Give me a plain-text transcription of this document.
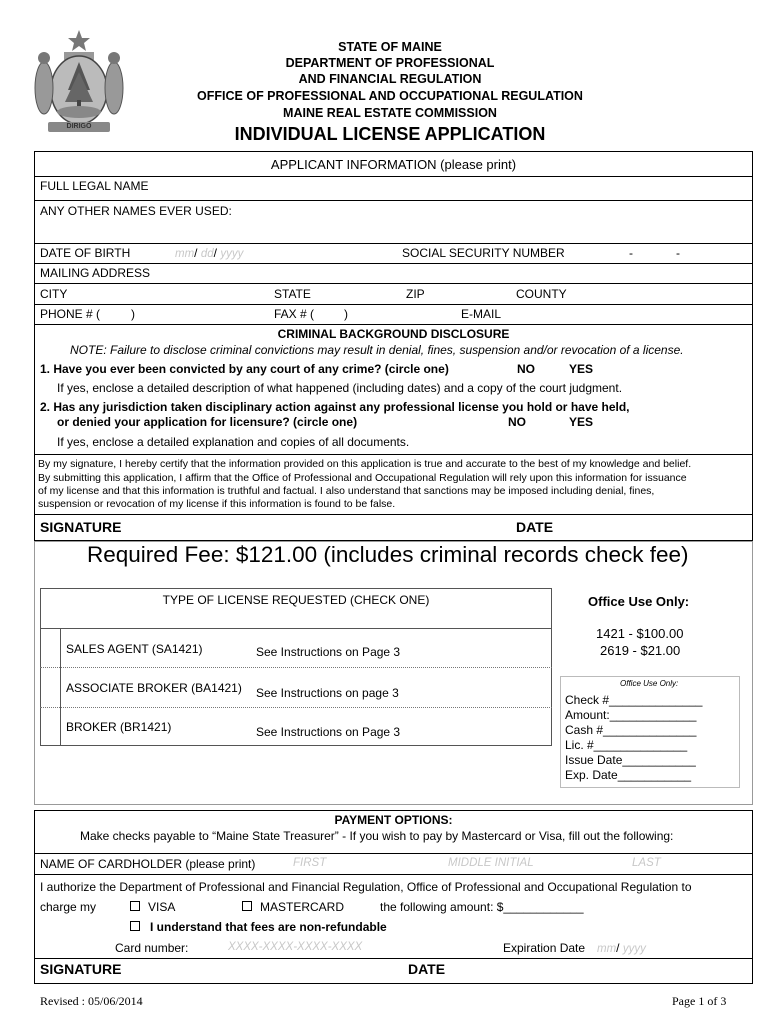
DIRIGO
STATE OF MAINE
DEPARTMENT OF PROFESSIONAL
AND FINANCIAL REGULATION
OFFICE OF PROFESSIONAL AND OCCUPATIONAL REGULATION
MAINE REAL ESTATE COMMISSION
INDIVIDUAL LICENSE APPLICATION
APPLICANT INFORMATION (please print)
FULL LEGAL NAME
ANY OTHER NAMES EVER USED:
DATE OF BIRTH	mm/ dd/ yyyy	SOCIAL SECURITY NUMBER	-	-
MAILING ADDRESS
CITY	STATE	ZIP	COUNTY
PHONE # (	)	FAX # ( )	E-MAIL
CRIMINAL BACKGROUND DISCLOSURE
NOTE: Failure to disclose criminal convictions may result in denial, fines, suspension and/or revocation of a license.
1. Have you ever been convicted by any court of any crime? (circle one)	NO	YES
If yes, enclose a detailed description of what happened (including dates) and a copy of the court judgment.
2. Has any jurisdiction taken disciplinary action against any professional license you hold or have held,
or denied your application for licensure? (circle one)	NO	YES
If yes, enclose a detailed explanation and copies of all documents.
By my signature, I hereby certify that the information provided on this application is true and accurate to the best of my knowledge and belief.
By submitting this application, I affirm that the Office of Professional and Occupational Regulation will rely upon this information for issuance
of my license and that this information is truthful and factual. I also understand that sanctions may be imposed including denial, fines,
suspension or revocation of my license if this information is found to be false.
SIGNATURE	DATE
Required Fee: $121.00 (includes criminal records check fee)
TYPE OF LICENSE REQUESTED (CHECK ONE)
SALES AGENT (SA1421)	See Instructions on Page 3
ASSOCIATE BROKER (BA1421) See Instructions on page 3
BROKER (BR1421)	See Instructions on Page 3
Office Use Only:
1421 - $100.00
2619 - $21.00
Office Use Only:
Check #______________
Amount:_____________
Cash #______________
Lic. #______________
Issue Date___________
Exp. Date___________
PAYMENT OPTIONS:
Make checks payable to “Maine State Treasurer” - If you wish to pay by Mastercard or Visa, fill out the following:
NAME OF CARDHOLDER (please print)	FIRST	MIDDLE INITIAL	LAST
I authorize the Department of Professional and Financial Regulation, Office of Professional and Occupational Regulation to
charge my	VISA	MASTERCARD	the following amount: $____________
I understand that fees are non-refundable
Card number:	XXXX-XXXX-XXXX-XXXX	Expiration Date mm/ yyyy
SIGNATURE	DATE
Revised : 05/06/2014	Page 1 of 3
